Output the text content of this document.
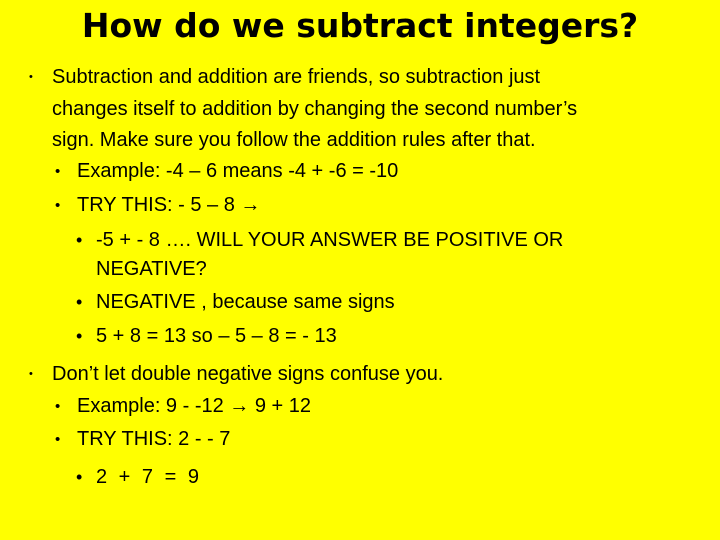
How do we subtract integers?
• Subtraction and addition are friends, so subtraction just
changes itself to addition by changing the second number’s
sign. Make sure you follow the addition rules after that.
• Example: -4 – 6 means -4 + -6 = -10
• TRY THIS: - 5 – 8 →
• -5 + - 8 …. WILL YOUR ANSWER BE POSITIVE OR
NEGATIVE?
• NEGATIVE , because same signs
• 5 + 8 = 13 so – 5 – 8 = - 13
• Don’t let double negative signs confuse you.
• Example: 9 - -12 → 9 + 12
• TRY THIS: 2 - - 7
• 2 + 7 = 9
